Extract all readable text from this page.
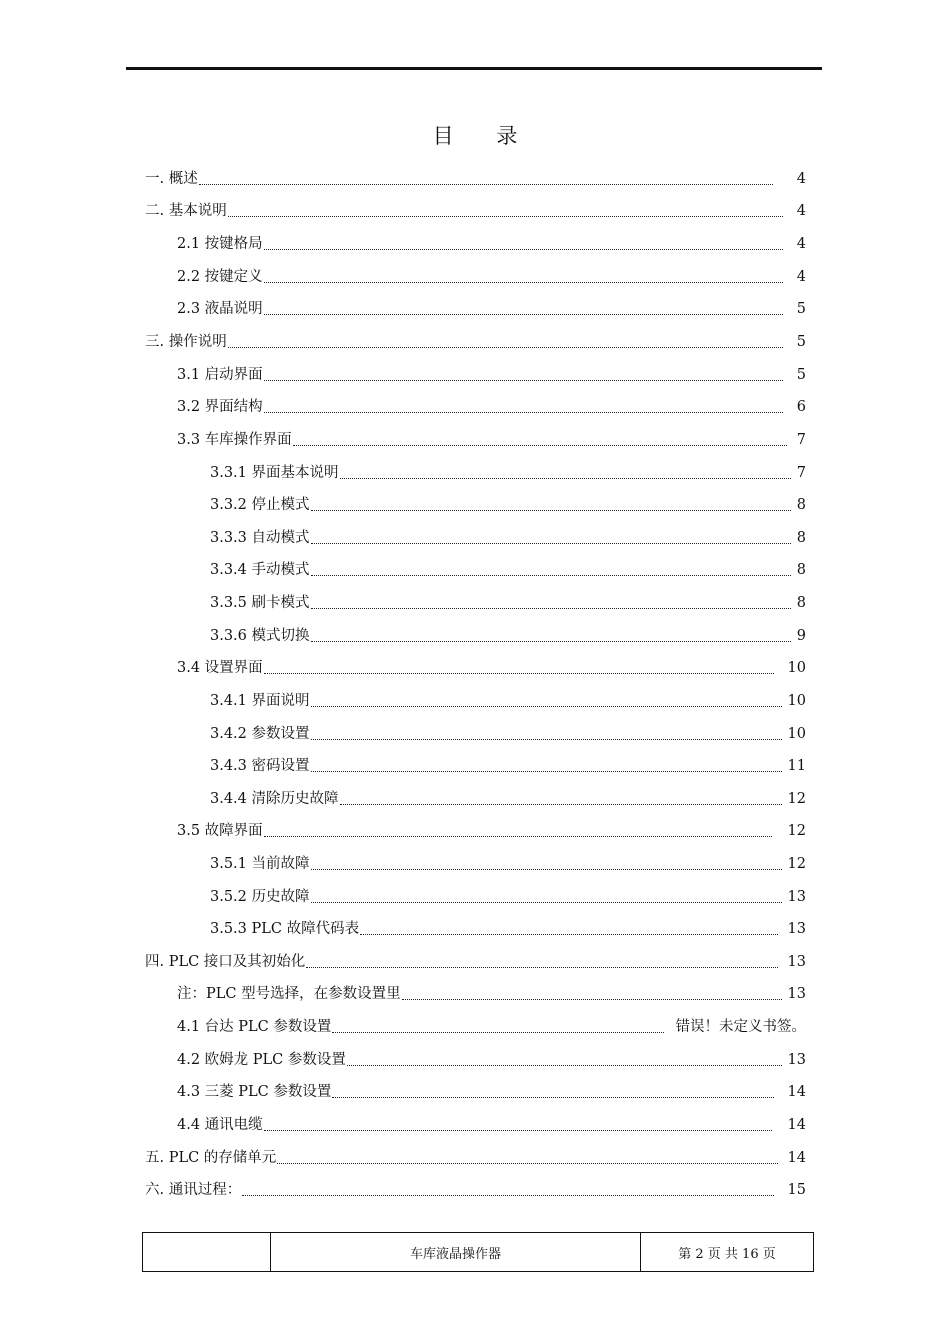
目 录
一. 概述	4
二. 基本说明	4
2.1 按键格局	4
2.2 按键定义	4
2.3 液晶说明	5
三. 操作说明	5
3.1 启动界面	5
3.2 界面结构	6
3.3 车库操作界面	7
3.3.1 界面基本说明	7
3.3.2 停止模式	8
3.3.3 自动模式	8
3.3.4 手动模式	8
3.3.5 刷卡模式	8
3.3.6 模式切换	9
3.4 设置界面	10
3.4.1 界面说明	10
3.4.2 参数设置	10
3.4.3 密码设置	11
3.4.4 清除历史故障	12
3.5 故障界面	12
3.5.1 当前故障	12
3.5.2 历史故障	13
3.5.3 PLC 故障代码表	13
四. PLC 接口及其初始化	13
注：PLC 型号选择，在参数设置里	13
4.1 台达 PLC 参数设置	错误！未定义书签。
4.2 欧姆龙 PLC 参数设置	13
4.3 三菱 PLC 参数设置	14
4.4 通讯电缆	14
五. PLC 的存储单元	14
六. 通讯过程：	15
车库液晶操作器	第 2 页 共 16 页
